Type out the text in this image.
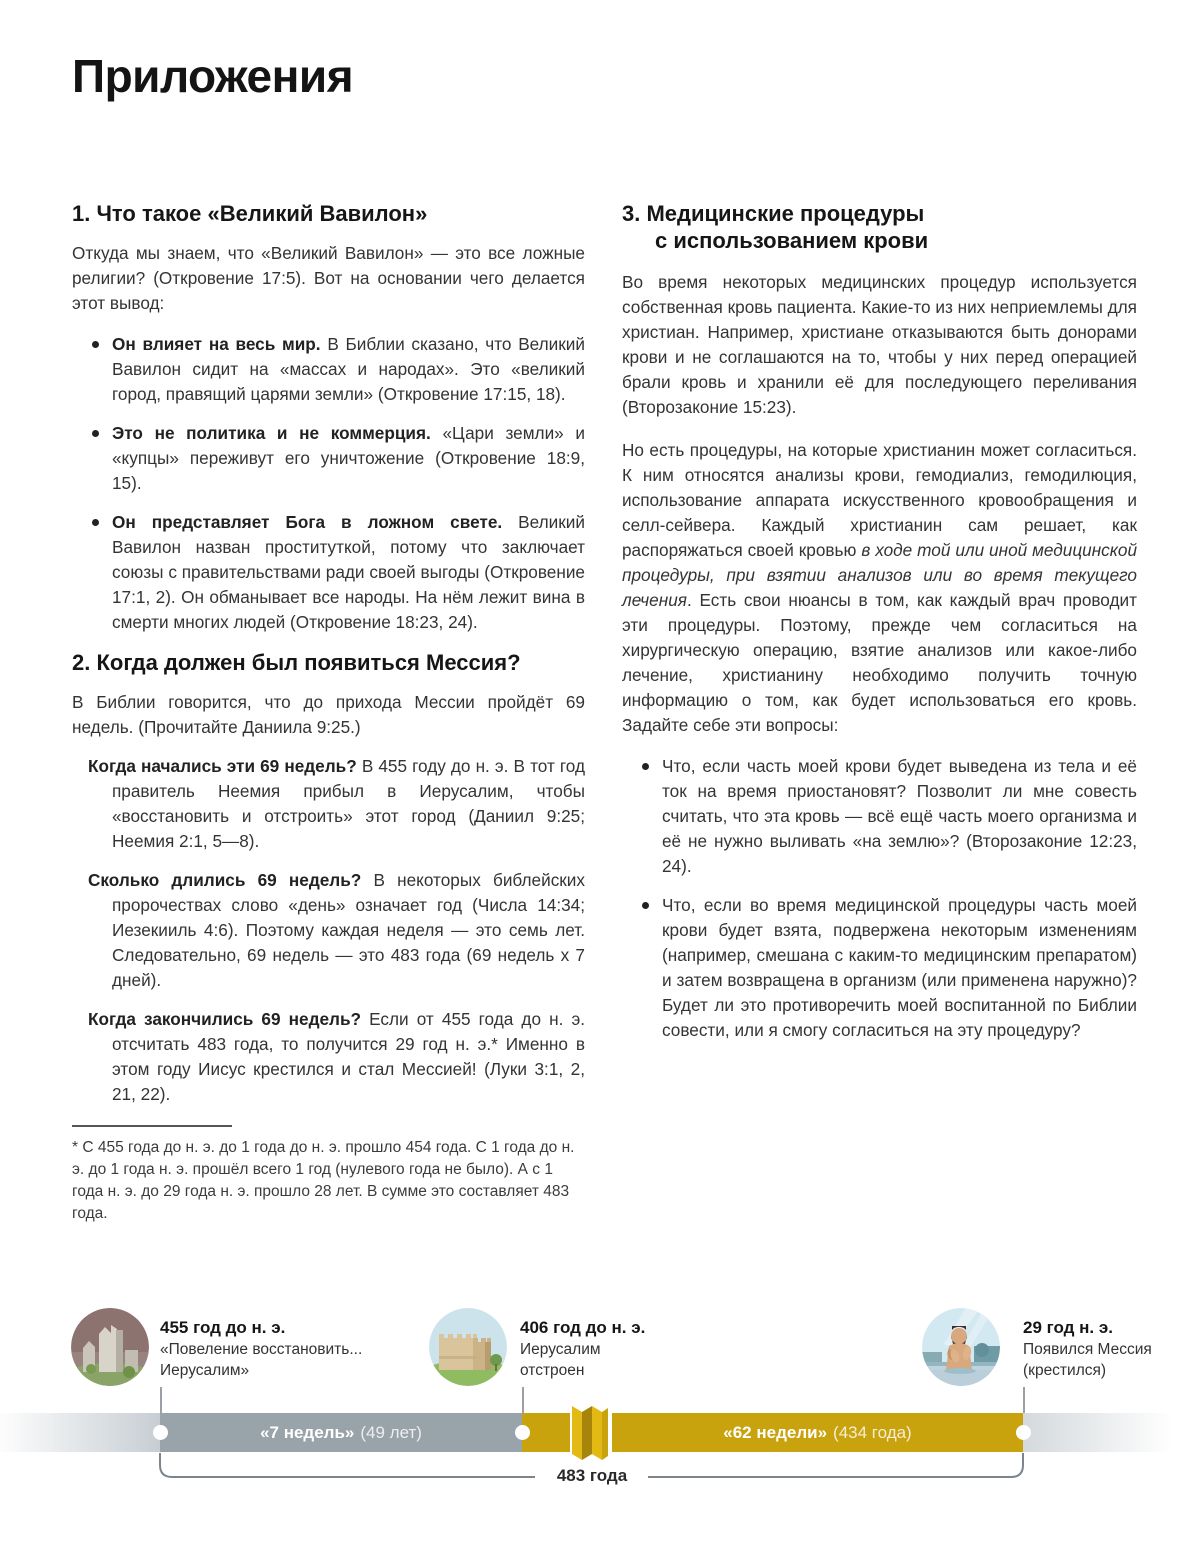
Приложения
1. Что такое «Великий Вавилон»

Откуда мы знаем, что «Великий Вавилон» — это все ложные религии? (Откровение 17:5). Вот на основании чего делается этот вывод:

Он влияет на весь мир. В Библии сказано, что Великий Вавилон сидит на «массах и народах». Это «великий город, правящий царями земли» (Откровение 17:15, 18).
Это не политика и не коммерция. «Цари земли» и «купцы» переживут его уничтожение (Откровение 18:9, 15).
Он представляет Бога в ложном свете. Великий Вавилон назван проституткой, потому что заключает союзы с правительствами ради своей выгоды (Откровение 17:1, 2). Он обманывает все народы. На нём лежит вина в смерти многих людей (Откровение 18:23, 24).
2. Когда должен был появиться Мессия?

В Библии говорится, что до прихода Мессии пройдёт 69 недель. (Прочитайте Даниила 9:25.)

Когда начались эти 69 недель? В 455 году до н. э. В тот год правитель Неемия прибыл в Иерусалим, чтобы «восстановить и отстроить» этот город (Даниил 9:25; Неемия 2:1, 5—8).
Сколько длились 69 недель? В некоторых библейских пророчествах слово «день» означает год (Числа 14:34; Иезекииль 4:6). Поэтому каждая неделя — это семь лет. Следовательно, 69 недель — это 483 года (69 недель x 7 дней).
Когда закончились 69 недель? Если от 455 года до н. э. отсчитать 483 года, то получится 29 год н. э.* Именно в этом году Иисус крестился и стал Мессией! (Луки 3:1, 2, 21, 22).

* С 455 года до н. э. до 1 года до н. э. прошло 454 года. С 1 года до н. э. до 1 года н. э. прошёл всего 1 год (нулевого года не было). А с 1 года н. э. до 29 года н. э. прошло 28 лет. В сумме это составляет 483 года.

3. Медицинские процедуры
с использованием крови

Во время некоторых медицинских процедур используется собственная кровь пациента. Какие-то из них неприемлемы для христиан. Например, христиане отказываются быть донорами крови и не соглашаются на то, чтобы у них перед операцией брали кровь и хранили её для последующего переливания (Второзаконие 15:23).

Но есть процедуры, на которые христианин может согласиться. К ним относятся анализы крови, гемодиализ, гемодилюция, использование аппарата искусственного кровообращения и селл-сейвера. Каждый христианин сам решает, как распоряжаться своей кровью в ходе той или иной медицинской процедуры, при взятии анализов или во время текущего лечения. Есть свои нюансы в том, как каждый врач проводит эти процедуры. Поэтому, прежде чем согласиться на хирургическую операцию, взятие анализов или какое-либо лечение, христианину необходимо получить точную информацию о том, как будет использоваться его кровь. Задайте себе эти вопросы:

Что, если часть моей крови будет выведена из тела и её ток на время приостановят? Позволит ли мне совесть считать, что эта кровь — всё ещё часть моего организма и её не нужно выливать «на землю»? (Второзаконие 12:23, 24).
Что, если во время медицинской процедуры часть моей крови будет взята, подвержена некоторым изменениям (например, смешана с каким-то медицинским препаратом) и затем возвращена в организм (или применена наружно)? Будет ли это противоречить моей воспитанной по Библии совести, или я смогу согласиться на эту процедуру?
455 год до н. э.
«Повеление восстановить...
Иерусалим»
406 год до н. э.
Иерусалим
отстроен
29 год н. э.
Появился Мессия
(крестился)
«7 недель» (49 лет)	«62 недели» (434 года)
483 года
